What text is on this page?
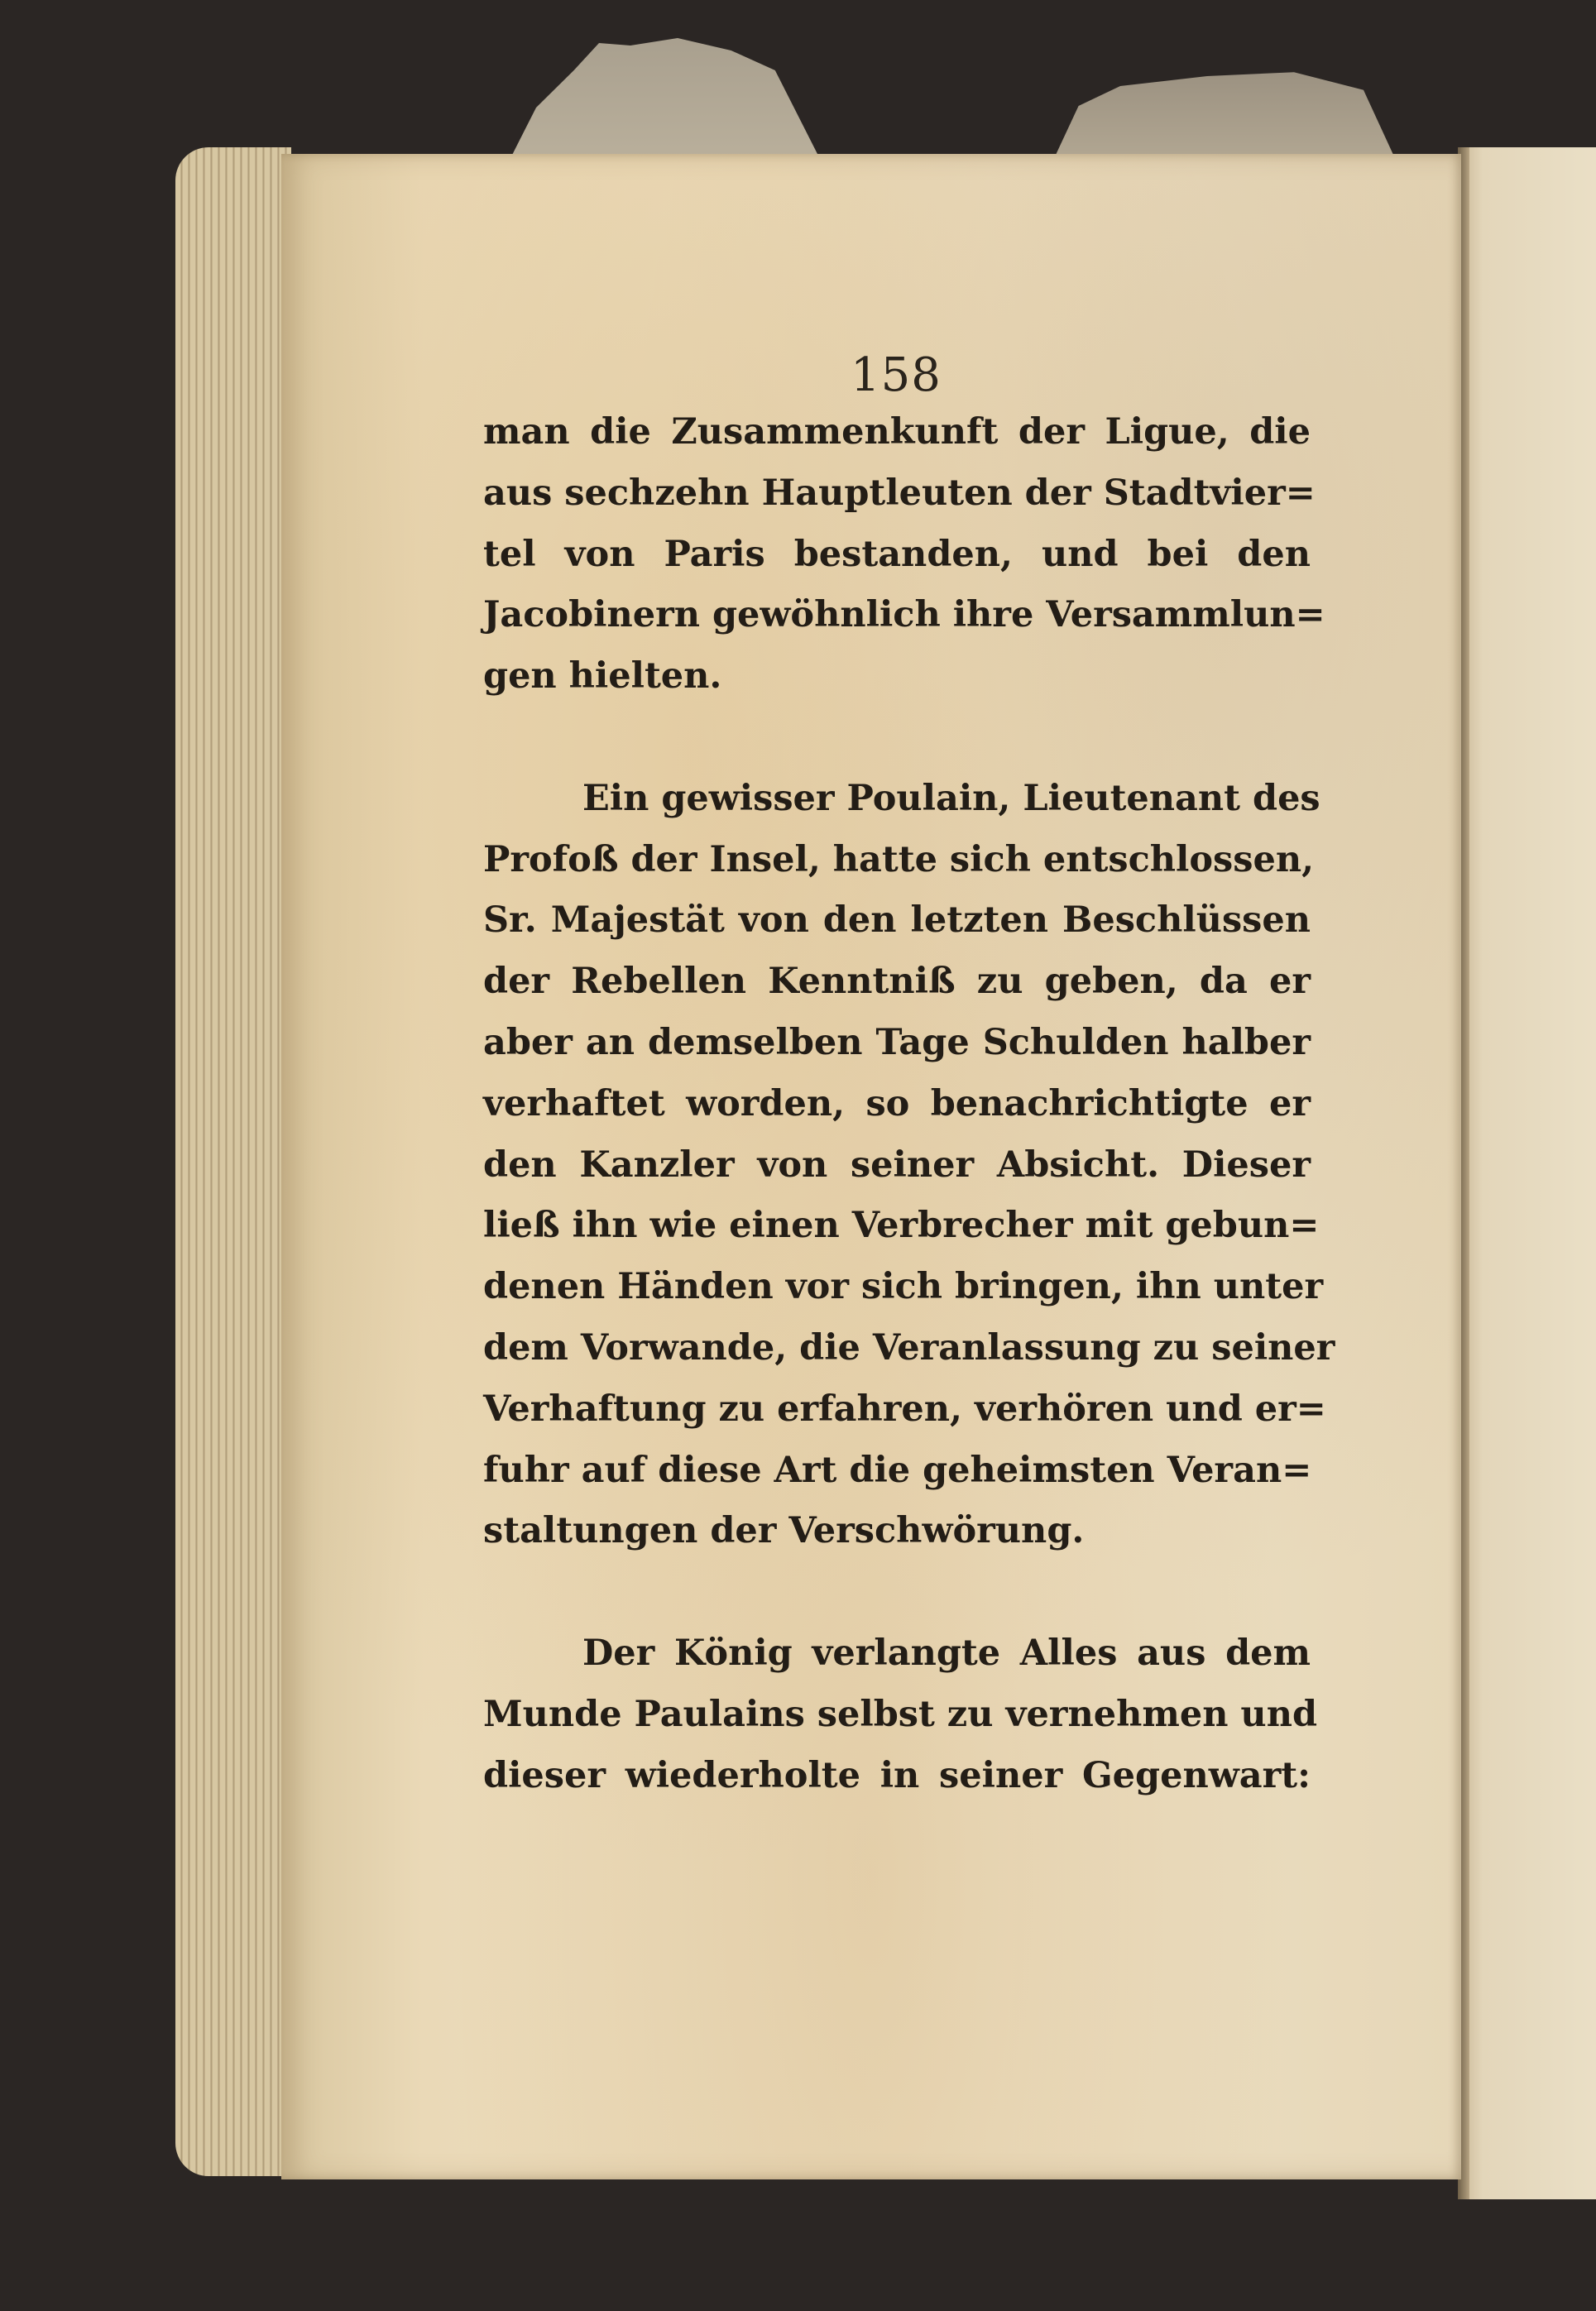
158

man die Zusammenkunft der Ligue, die
aus sechzehn Hauptleuten der Stadtvier=
tel von Paris bestanden, und bei den
Jacobinern gewöhnlich ihre Versammlun=
gen hielten.

Ein gewisser Poulain, Lieutenant des
Profoß der Insel, hatte sich entschlossen,
Sr. Majestät von den letzten Beschlüssen
der Rebellen Kenntniß zu geben, da er
aber an demselben Tage Schulden halber
verhaftet worden, so benachrichtigte er
den Kanzler von seiner Absicht. Dieser
ließ ihn wie einen Verbrecher mit gebun=
denen Händen vor sich bringen, ihn unter
dem Vorwande, die Veranlassung zu seiner
Verhaftung zu erfahren, verhören und er=
fuhr auf diese Art die geheimsten Veran=
staltungen der Verschwörung.

Der König verlangte Alles aus dem
Munde Paulains selbst zu vernehmen und
dieser wiederholte in seiner Gegenwart:
